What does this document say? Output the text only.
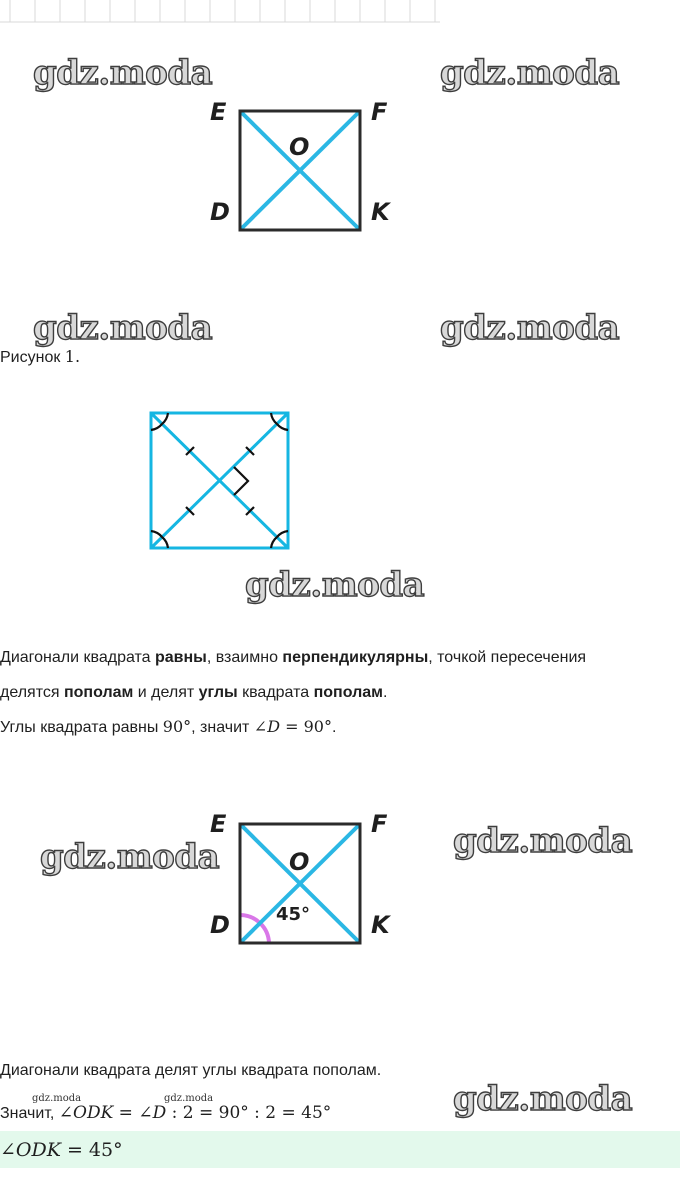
gdz.moda	gdz.moda
gdz.moda	gdz.moda
gdz.moda
gdz.moda
gdz.moda
gdz.moda
E	F
D	K
O
Рисунок 1.
Диагонали квадрата равны, взаимно перпендикулярны, точкой пересечения
делятся пополам и делят углы квадрата пополам.
Углы квадрата равны 90°, значит ∠D = 90°.
E	F
D	K
O
45°
Диагонали квадрата делят углы квадрата пополам.
gdz.moda	gdz.moda
Значит, ∠ODK = ∠D : 2 = 90° : 2 = 45°
∠ODK = 45°
